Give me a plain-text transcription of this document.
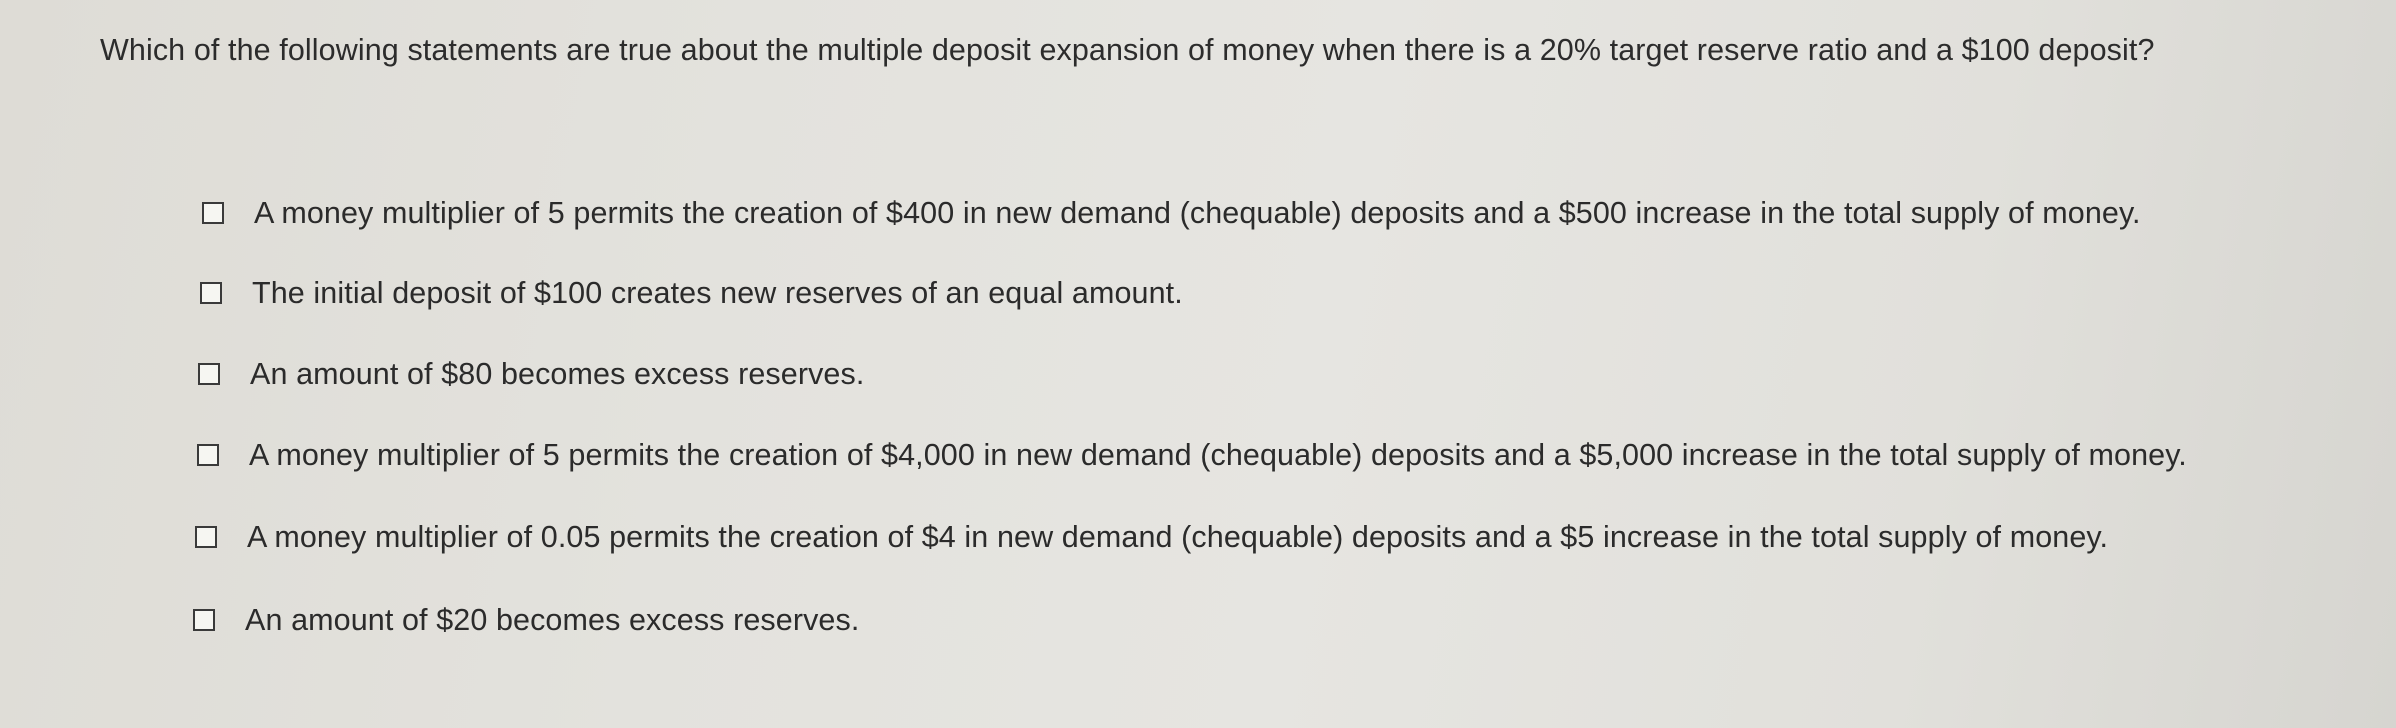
Which of the following statements are true about the multiple deposit expansion of money when there is a 20% target reserve ratio and a $100 deposit?
A money multiplier of 5 permits the creation of $400 in new demand (chequable) deposits and a $500 increase in the total supply of money.
The initial deposit of $100 creates new reserves of an equal amount.
An amount of $80 becomes excess reserves.
A money multiplier of 5 permits the creation of $4,000 in new demand (chequable) deposits and a $5,000 increase in the total supply of money.
A money multiplier of 0.05 permits the creation of $4 in new demand (chequable) deposits and a $5 increase in the total supply of money.
An amount of $20 becomes excess reserves.
